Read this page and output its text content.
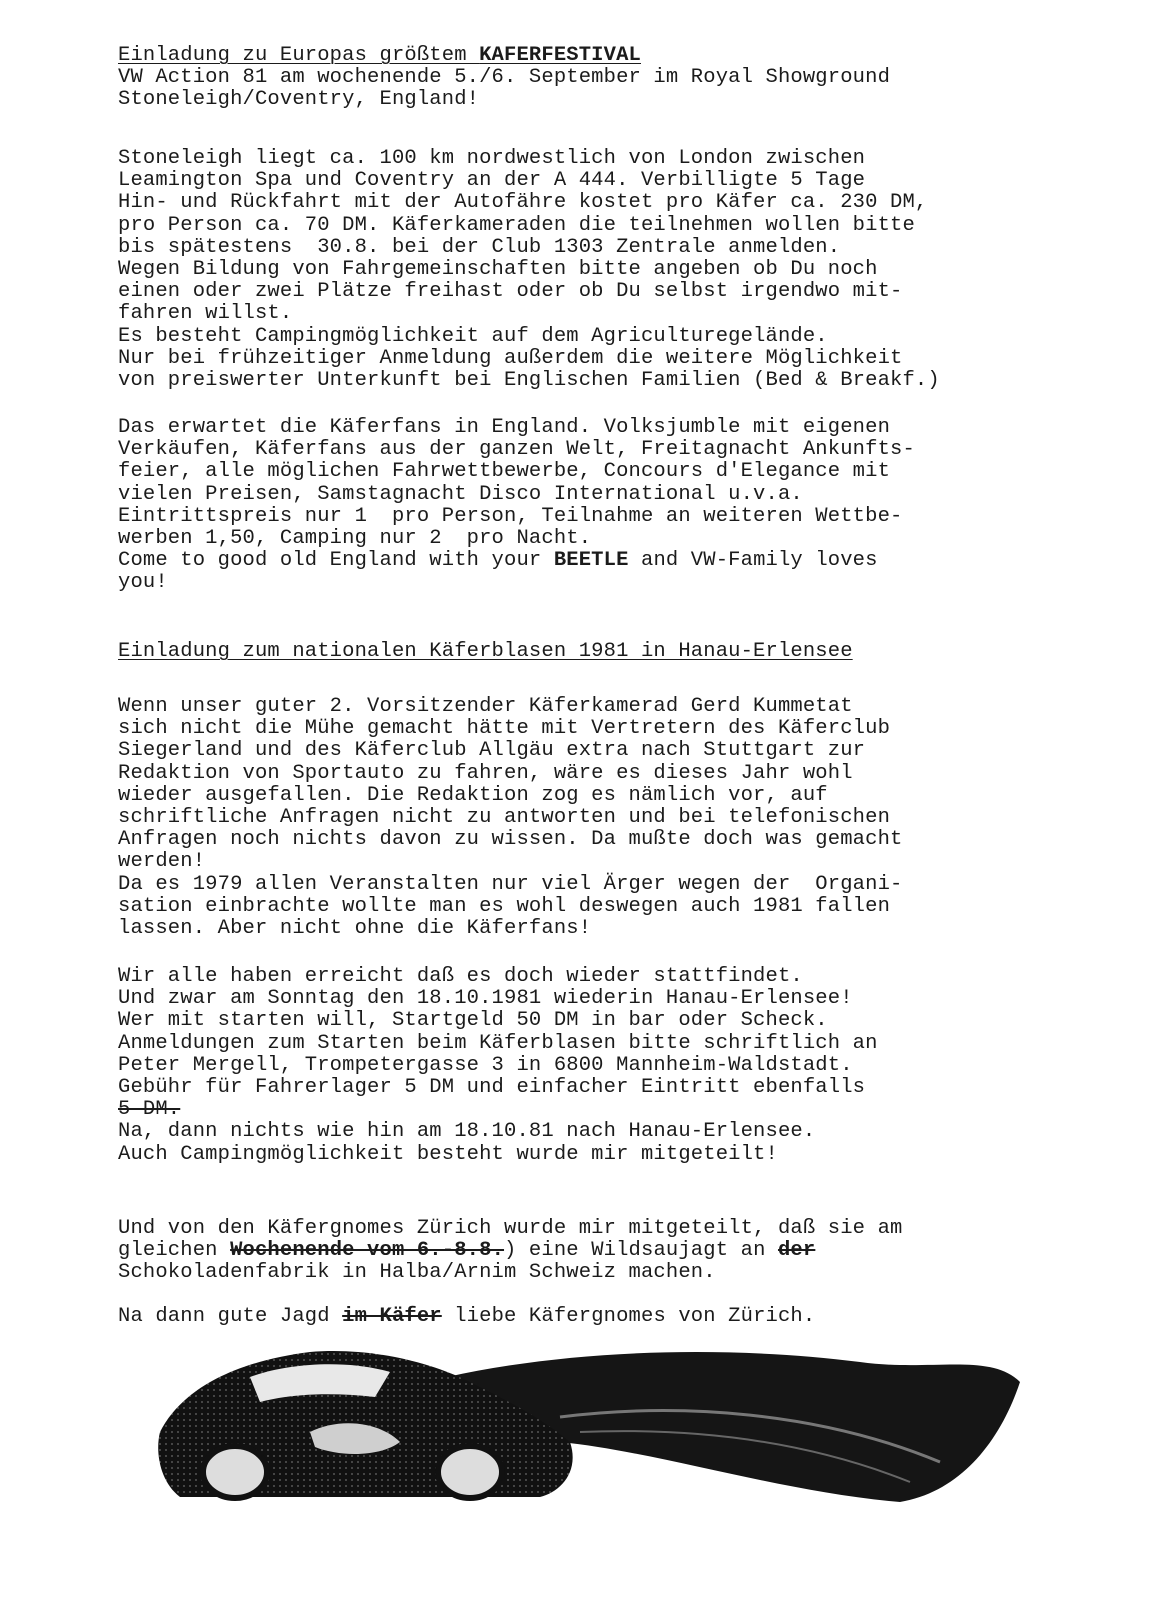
Einladung zu Europas größtem KAFERFESTIVAL
VW Action 81 am wochenende 5./6. September im Royal Showground
Stoneleigh/Coventry, England!
Stoneleigh liegt ca. 100 km nordwestlich von London zwischen
Leamington Spa und Coventry an der A 444. Verbilligte 5 Tage
Hin- und Rückfahrt mit der Autofähre kostet pro Käfer ca. 230 DM,
pro Person ca. 70 DM. Käferkameraden die teilnehmen wollen bitte
bis spätestens  30.8. bei der Club 1303 Zentrale anmelden.
Wegen Bildung von Fahrgemeinschaften bitte angeben ob Du noch
einen oder zwei Plätze freihast oder ob Du selbst irgendwo mit-
fahren willst.
Es besteht Campingmöglichkeit auf dem Agriculturegelände.
Nur bei frühzeitiger Anmeldung außerdem die weitere Möglichkeit
von preiswerter Unterkunft bei Englischen Familien (Bed & Breakf.)
Das erwartet die Käferfans in England. Volksjumble mit eigenen
Verkäufen, Käferfans aus der ganzen Welt, Freitagnacht Ankunfts-
feier, alle möglichen Fahrwettbewerbe, Concours d'Elegance mit
vielen Preisen, Samstagnacht Disco International u.v.a.
Eintrittspreis nur 1  pro Person, Teilnahme an weiteren Wettbe-
werben 1,50, Camping nur 2  pro Nacht.
Come to good old England with your BEETLE and VW-Family loves
you!
Einladung zum nationalen Käferblasen 1981 in Hanau-Erlensee
Wenn unser guter 2. Vorsitzender Käferkamerad Gerd Kummetat
sich nicht die Mühe gemacht hätte mit Vertretern des Käferclub
Siegerland und des Käferclub Allgäu extra nach Stuttgart zur
Redaktion von Sportauto zu fahren, wäre es dieses Jahr wohl
wieder ausgefallen. Die Redaktion zog es nämlich vor, auf
schriftliche Anfragen nicht zu antworten und bei telefonischen
Anfragen noch nichts davon zu wissen. Da mußte doch was gemacht
werden!
Da es 1979 allen Veranstalten nur viel Ärger wegen der  Organi-
sation einbrachte wollte man es wohl deswegen auch 1981 fallen
lassen. Aber nicht ohne die Käferfans!
Wir alle haben erreicht daß es doch wieder stattfindet.
Und zwar am Sonntag den 18.10.1981 wiederin Hanau-Erlensee!
Wer mit starten will, Startgeld 50 DM in bar oder Scheck.
Anmeldungen zum Starten beim Käferblasen bitte schriftlich an
Peter Mergell, Trompetergasse 3 in 6800 Mannheim-Waldstadt.
Gebühr für Fahrerlager 5 DM und einfacher Eintritt ebenfalls
5 DM.
Na, dann nichts wie hin am 18.10.81 nach Hanau-Erlensee.
Auch Campingmöglichkeit besteht wurde mir mitgeteilt!
Und von den Käfergnomes Zürich wurde mir mitgeteilt, daß sie am
gleichen Wochenende vom 6.-8.8.) eine Wildsaujagt an der
Schokoladenfabrik in Halba/Arnim Schweiz machen.
Na dann gute Jagd im Käfer liebe Käfergnomes von Zürich.
